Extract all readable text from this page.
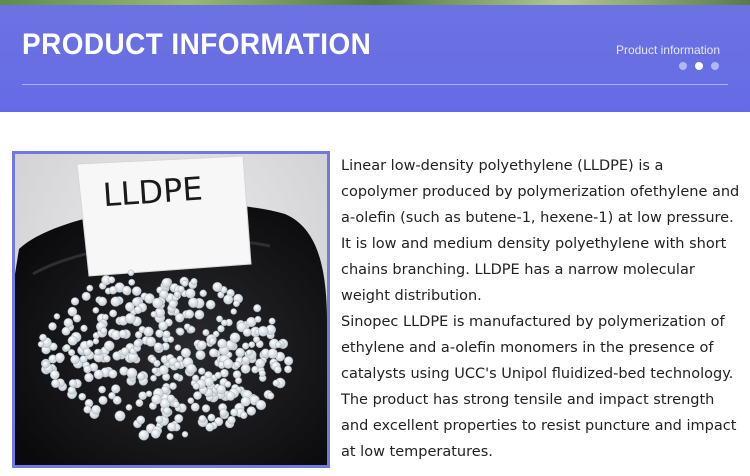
PRODUCT INFORMATION	Product information
LLDPE

Linear low-density polyethylene (LLDPE) is a copolymer produced by polymerization ofethylene and a-olefin (such as butene-1, hexene-1) at low pressure. It is low and medium density polyethylene with short chains branching. LLDPE has a narrow molecular weight distribution.

Sinopec LLDPE is manufactured by polymerization of ethylene and a-olefin monomers in the presence of catalysts using UCC's Unipol fluidized-bed technology.

The product has strong tensile and impact strength and excellent properties to resist puncture and impact at low temperatures.
